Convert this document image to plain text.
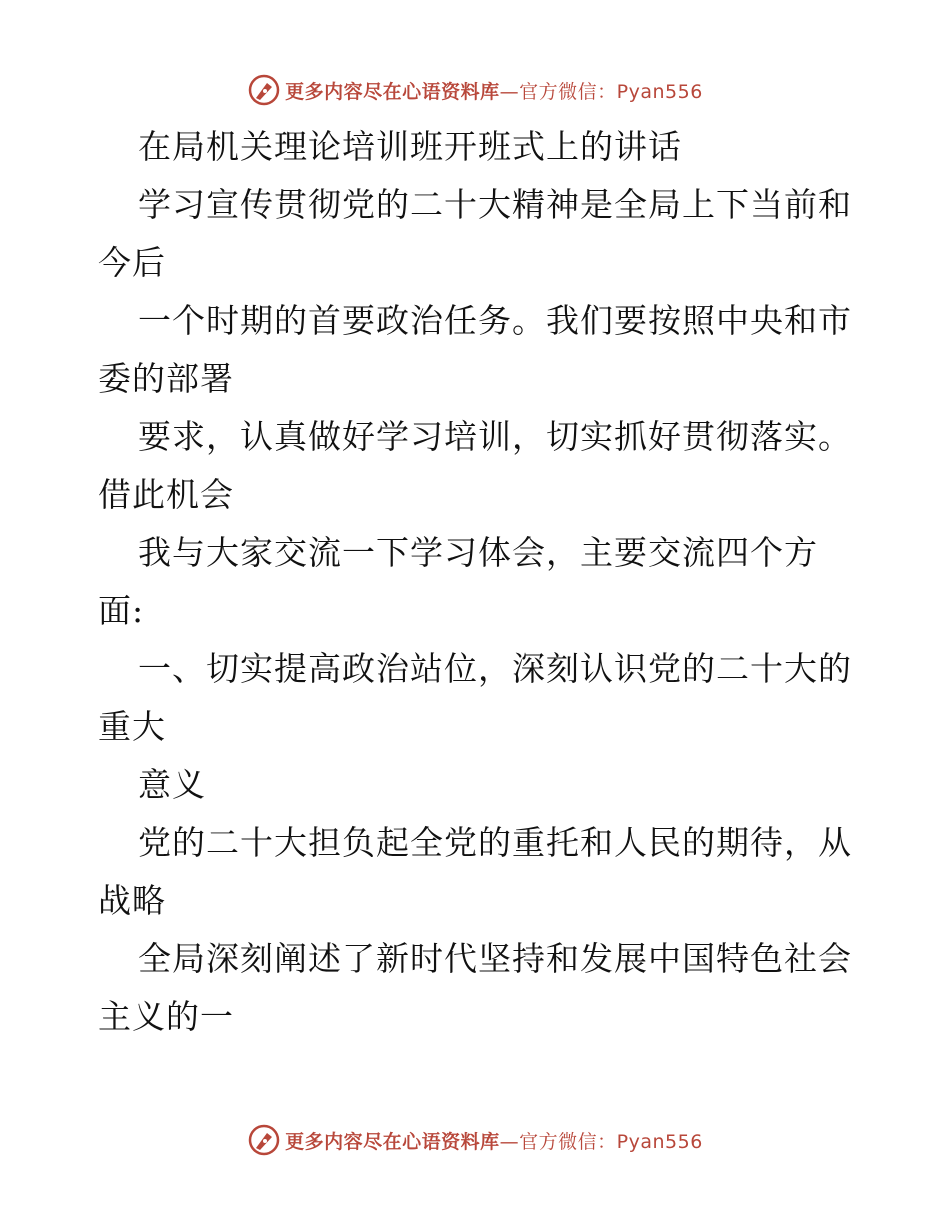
更多内容尽在心语资料库—官方微信：Pyan556
在局机关理论培训班开班式上的讲话
学习宣传贯彻党的二十大精神是全局上下当前和
今后
一个时期的首要政治任务。我们要按照中央和市
委的部署
要求，认真做好学习培训，切实抓好贯彻落实。
借此机会
我与大家交流一下学习体会，主要交流四个方
面:
一、切实提高政治站位，深刻认识党的二十大的
重大
意义
党的二十大担负起全党的重托和人民的期待，从
战略
全局深刻阐述了新时代坚持和发展中国特色社会
主义的一
更多内容尽在心语资料库—官方微信：Pyan556
